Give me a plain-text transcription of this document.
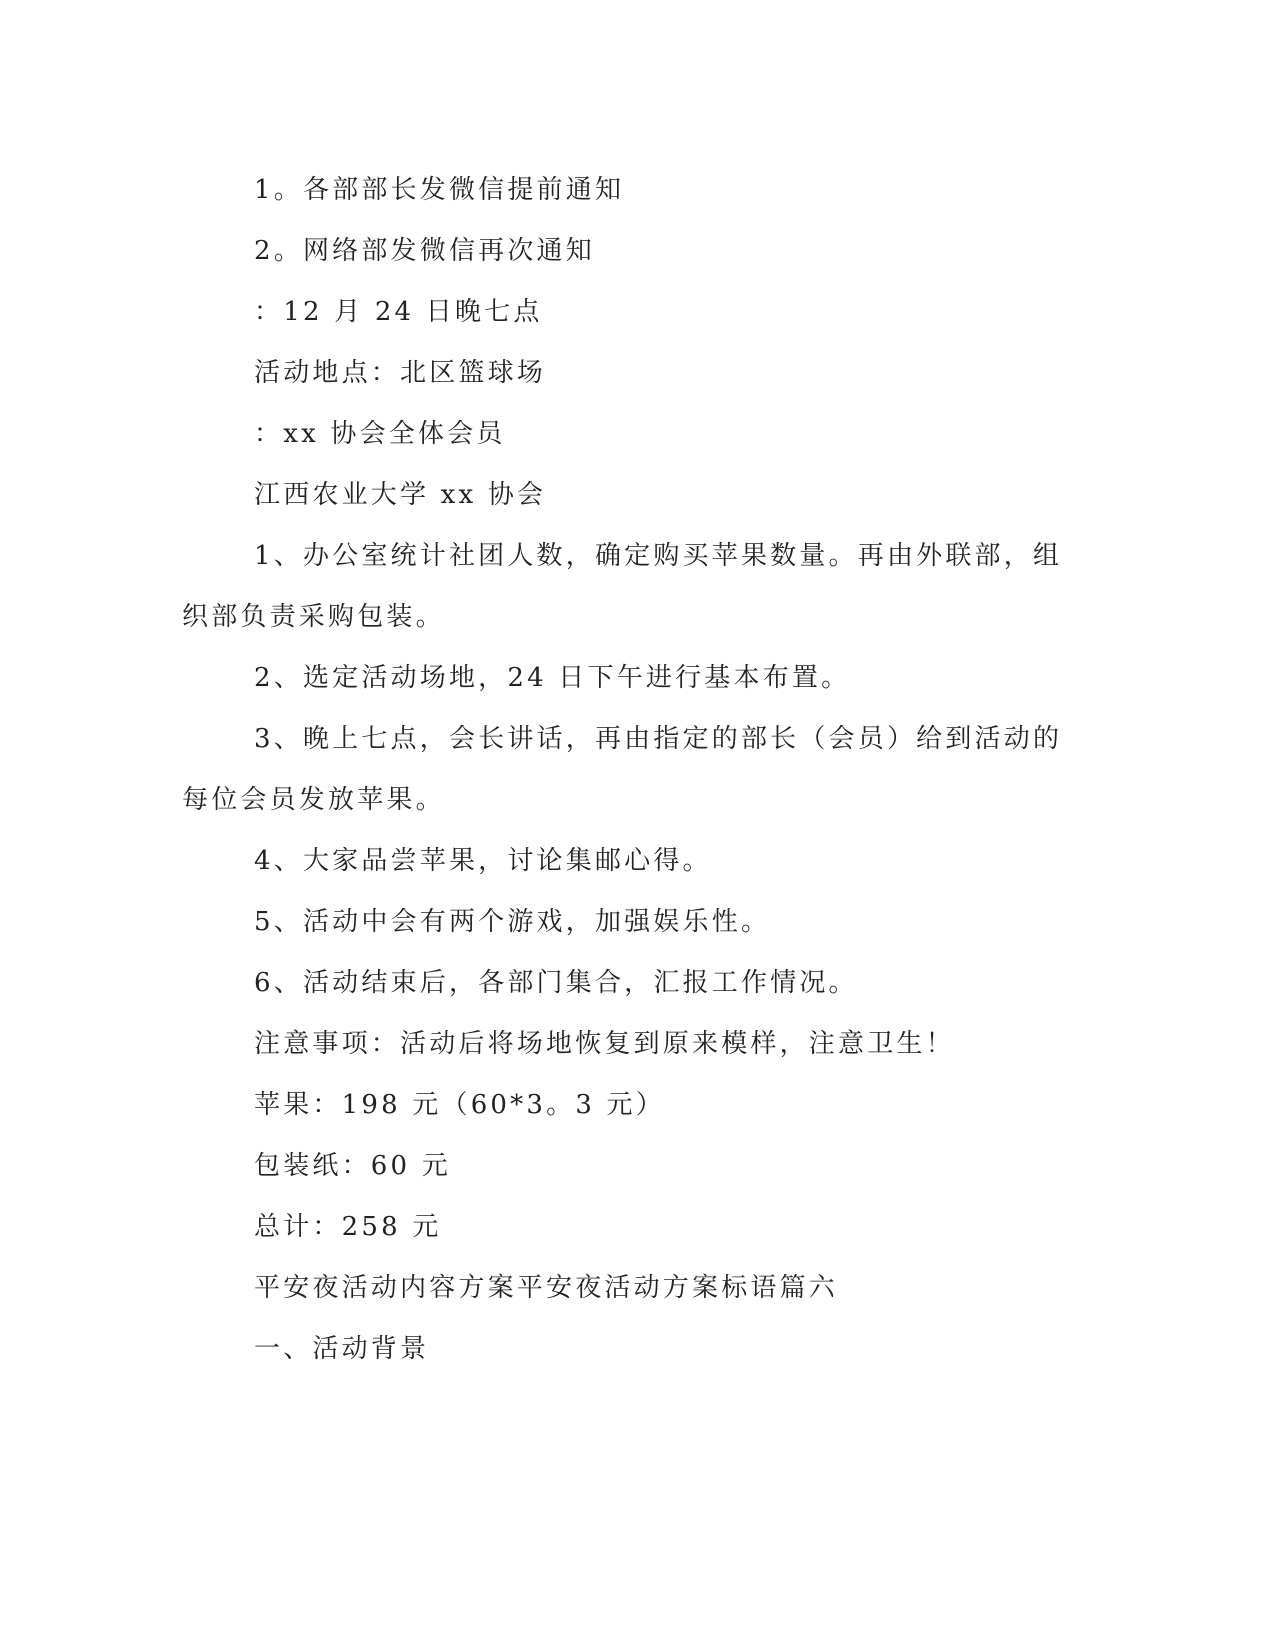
1。各部部长发微信提前通知
2。网络部发微信再次通知
：12 月 24 日晚七点
活动地点：北区篮球场
：xx 协会全体会员
江西农业大学 xx 协会
1、办公室统计社团人数，确定购买苹果数量。再由外联部，组
织部负责采购包装。
2、选定活动场地，24 日下午进行基本布置。
3、晚上七点，会长讲话，再由指定的部长（会员）给到活动的
每位会员发放苹果。
4、大家品尝苹果，讨论集邮心得。
5、活动中会有两个游戏，加强娱乐性。
6、活动结束后，各部门集合，汇报工作情况。
注意事项：活动后将场地恢复到原来模样，注意卫生！
苹果：198 元（60*3。3 元）
包装纸：60 元
总计：258 元
平安夜活动内容方案平安夜活动方案标语篇六
一、活动背景
